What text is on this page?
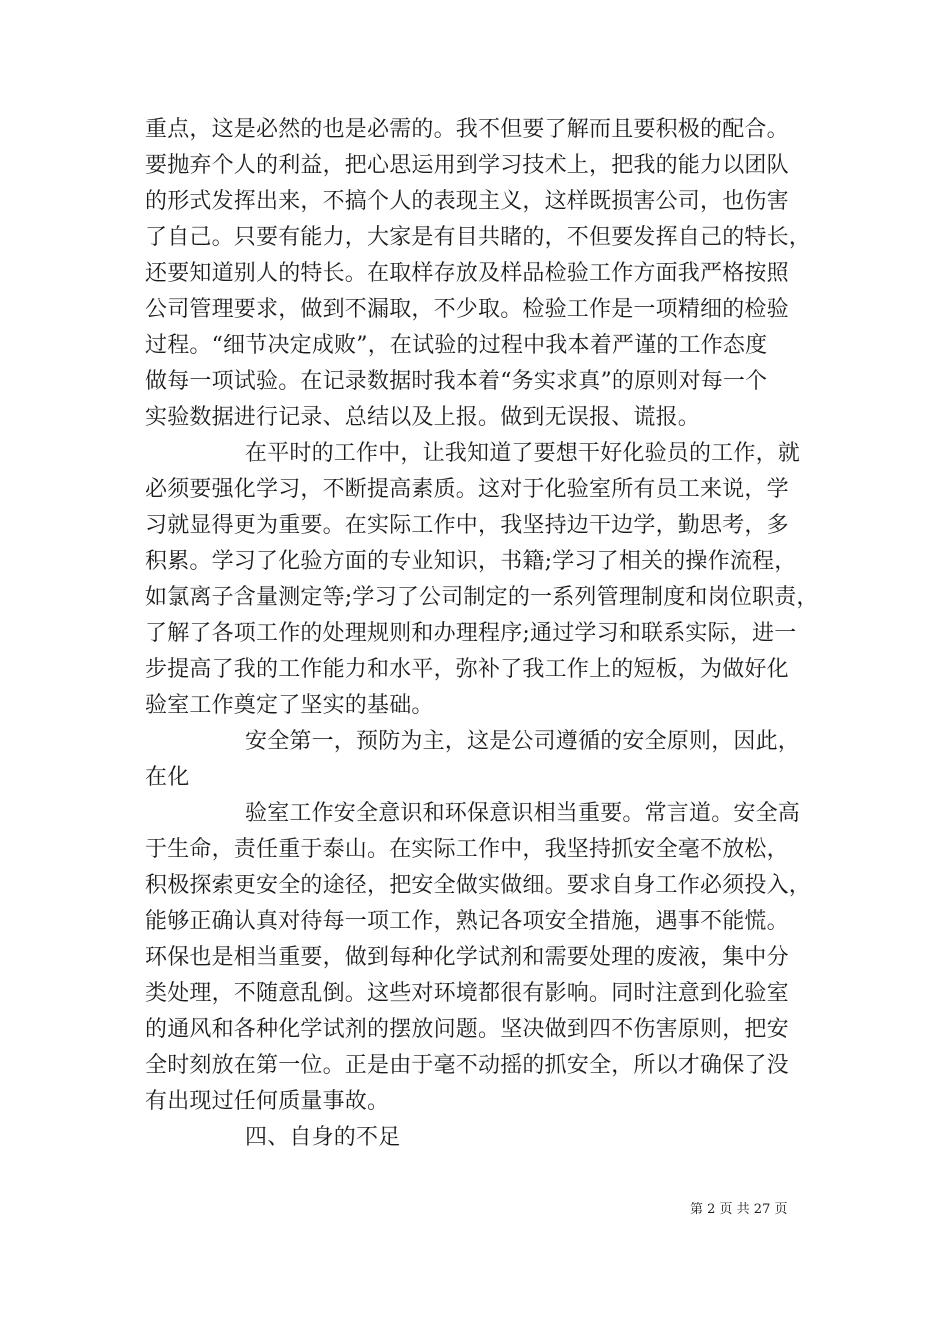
重点，这是必然的也是必需的。我不但要了解而且要积极的配合。
要抛弃个人的利益，把心思运用到学习技术上，把我的能力以团队
的形式发挥出来，不搞个人的表现主义，这样既损害公司，也伤害
了自己。只要有能力，大家是有目共睹的，不但要发挥自己的特长，
还要知道别人的特长。在取样存放及样品检验工作方面我严格按照
公司管理要求，做到不漏取，不少取。检验工作是一项精细的检验
过程。“细节决定成败”，在试验的过程中我本着严谨的工作态度
做每一项试验。在记录数据时我本着“务实求真”的原则对每一个
实验数据进行记录、总结以及上报。做到无误报、谎报。
在平时的工作中，让我知道了要想干好化验员的工作，就
必须要强化学习，不断提高素质。这对于化验室所有员工来说，学
习就显得更为重要。在实际工作中，我坚持边干边学，勤思考，多
积累。学习了化验方面的专业知识，书籍;学习了相关的操作流程，
如氯离子含量测定等;学习了公司制定的一系列管理制度和岗位职责，
了解了各项工作的处理规则和办理程序;通过学习和联系实际，进一
步提高了我的工作能力和水平，弥补了我工作上的短板，为做好化
验室工作奠定了坚实的基础。
安全第一，预防为主，这是公司遵循的安全原则，因此，
在化
验室工作安全意识和环保意识相当重要。常言道。安全高
于生命，责任重于泰山。在实际工作中，我坚持抓安全毫不放松，
积极探索更安全的途径，把安全做实做细。要求自身工作必须投入，
能够正确认真对待每一项工作，熟记各项安全措施，遇事不能慌。
环保也是相当重要，做到每种化学试剂和需要处理的废液，集中分
类处理，不随意乱倒。这些对环境都很有影响。同时注意到化验室
的通风和各种化学试剂的摆放问题。坚决做到四不伤害原则，把安
全时刻放在第一位。正是由于毫不动摇的抓安全，所以才确保了没
有出现过任何质量事故。
四、自身的不足
第 2 页 共 27 页
